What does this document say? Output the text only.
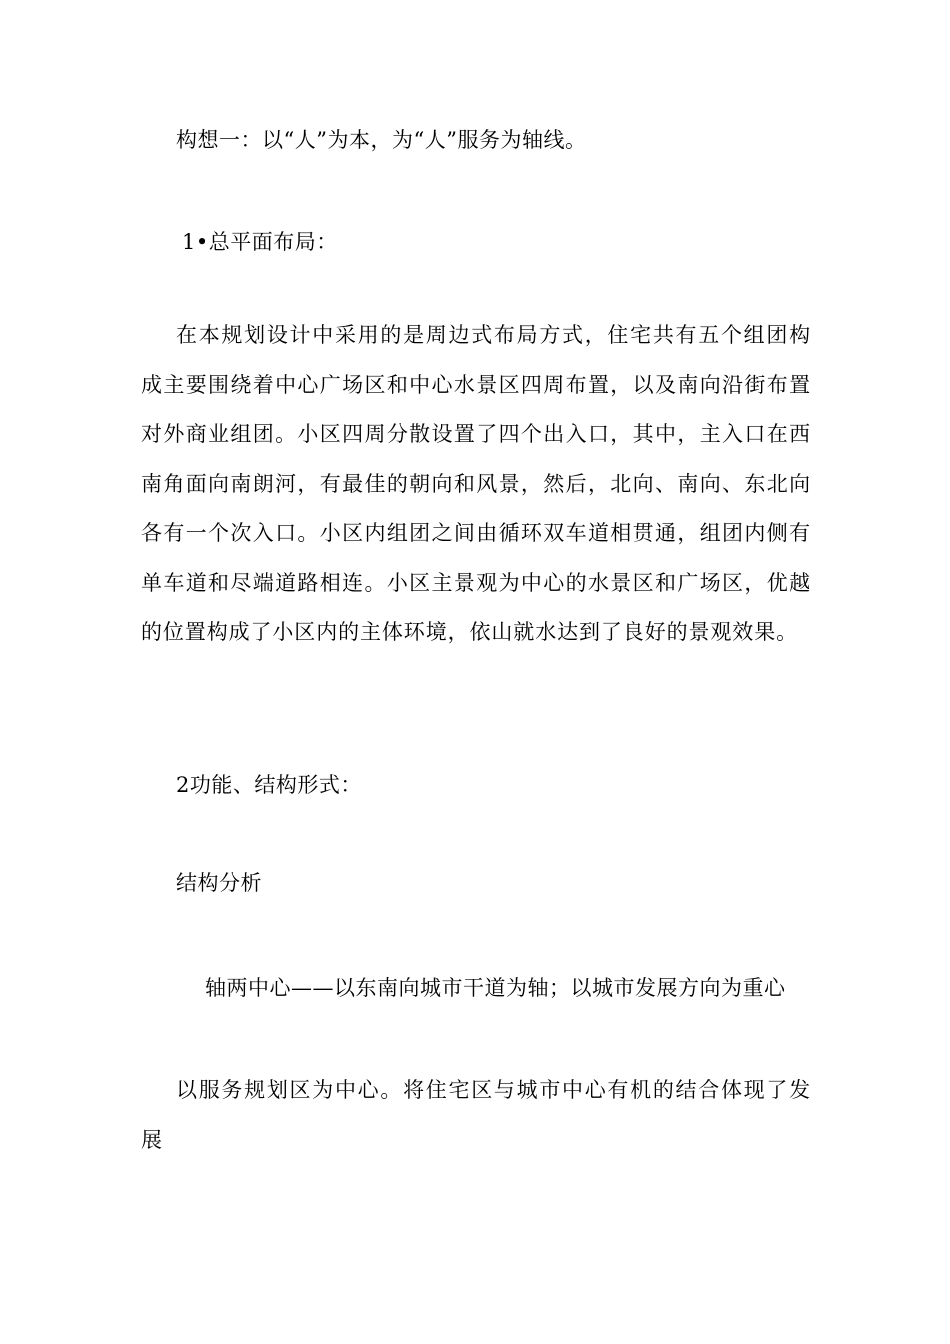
构想一：以“人”为本，为“人”服务为轴线。
1•总平面布局：

在本规划设计中采用的是周边式布局方式，住宅共有五个组团构成主要围绕着中心广场区和中心水景区四周布置，以及南向沿街布置对外商业组团。小区四周分散设置了四个出入口，其中，主入口在西南角面向南朗河，有最佳的朝向和风景，然后，北向、南向、东北向各有一个次入口。小区内组团之间由循环双车道相贯通，组团内侧有单车道和尽端道路相连。小区主景观为中心的水景区和广场区，优越的位置构成了小区内的主体环境，依山就水达到了良好的景观效果。

2功能、结构形式：
结构分析
轴两中心——以东南向城市干道为轴；以城市发展方向为重心

以服务规划区为中心。将住宅区与城市中心有机的结合体现了发展
